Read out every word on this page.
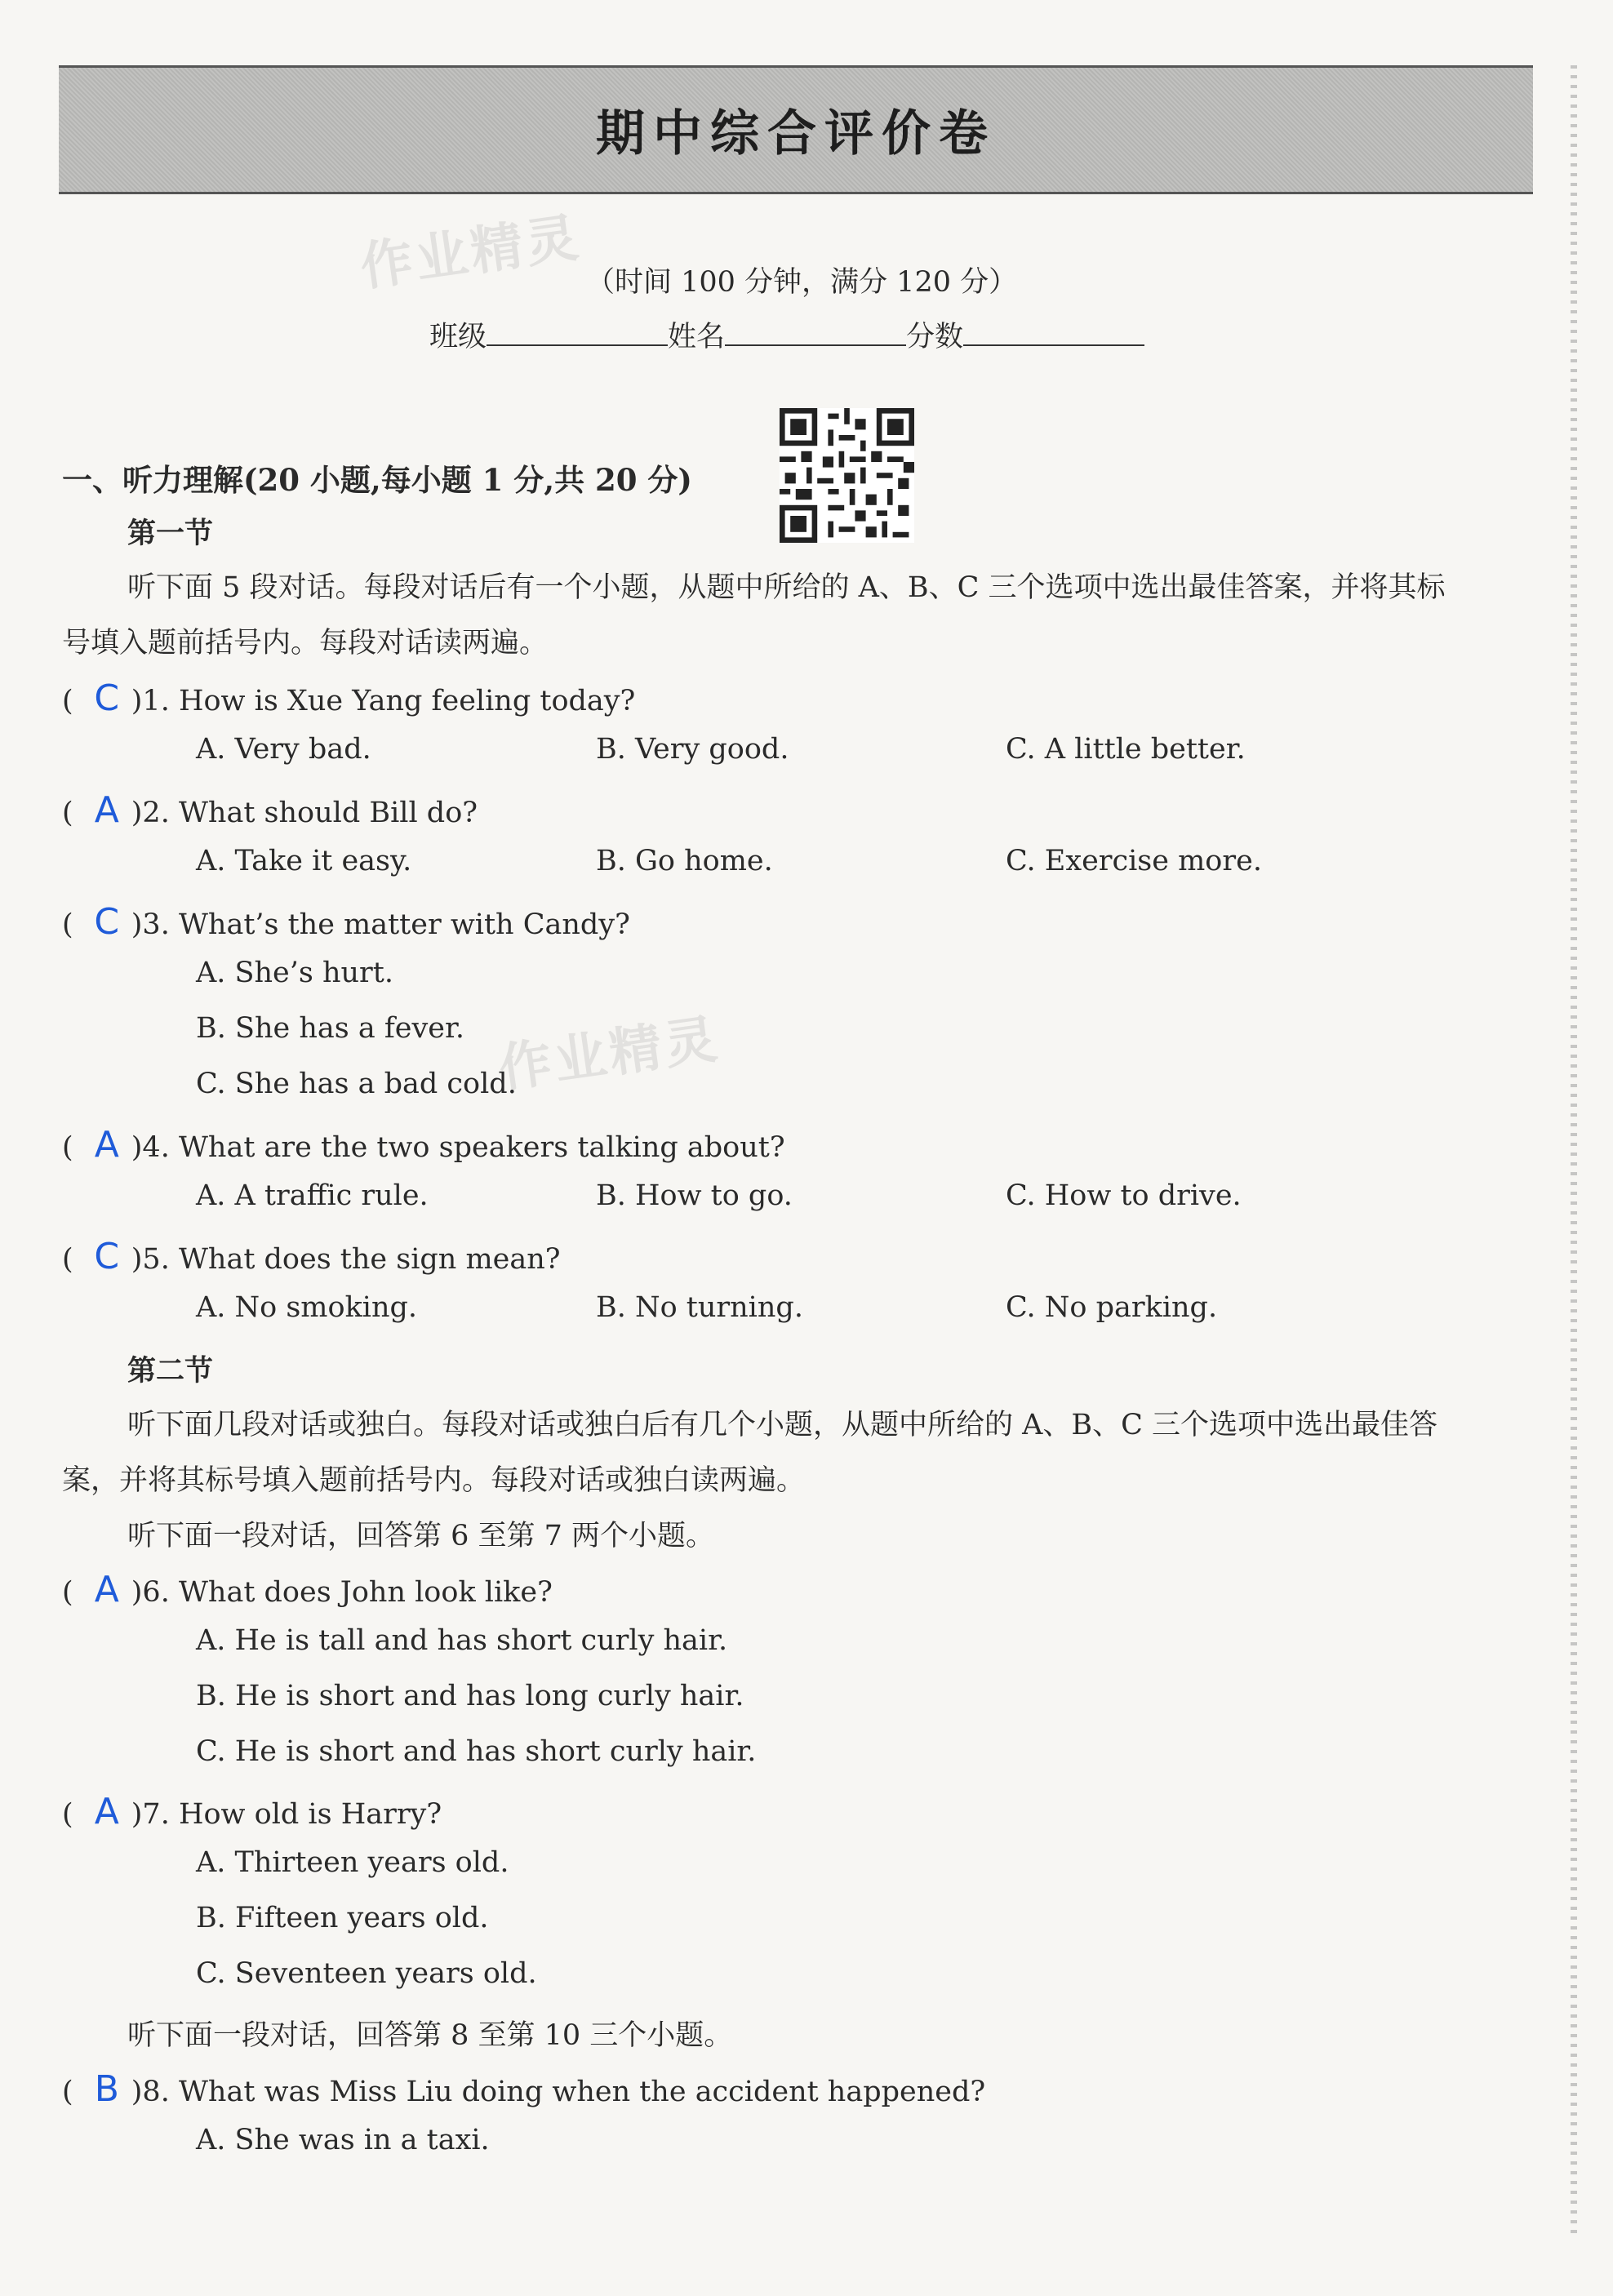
期中综合评价卷
作业精灵
作业精灵
（时间 100 分钟，满分 120 分）
班级	姓名	分数
一、听力理解(20 小题,每小题 1 分,共 20 分)
第一节
听下面 5 段对话。每段对话后有一个小题，从题中所给的 A、B、C 三个选项中选出最佳答案，并将其标
号填入题前括号内。每段对话读两遍。
( C )1. How is Xue Yang feeling today?
A. Very bad.	B. Very good.	C. A little better.
( A )2. What should Bill do?
A. Take it easy.	B. Go home.	C. Exercise more.
( C )3. What’s the matter with Candy?
A. She’s hurt.
B. She has a fever.
C. She has a bad cold.
( A )4. What are the two speakers talking about?
A. A traffic rule.	B. How to go.	C. How to drive.
( C )5. What does the sign mean?
A. No smoking.	B. No turning.	C. No parking.
第二节
听下面几段对话或独白。每段对话或独白后有几个小题，从题中所给的 A、B、C 三个选项中选出最佳答
案，并将其标号填入题前括号内。每段对话或独白读两遍。
听下面一段对话，回答第 6 至第 7 两个小题。
( A )6. What does John look like?
A. He is tall and has short curly hair.
B. He is short and has long curly hair.
C. He is short and has short curly hair.
( A )7. How old is Harry?
A. Thirteen years old.
B. Fifteen years old.
C. Seventeen years old.
听下面一段对话，回答第 8 至第 10 三个小题。
( B )8. What was Miss Liu doing when the accident happened?
A. She was in a taxi.
